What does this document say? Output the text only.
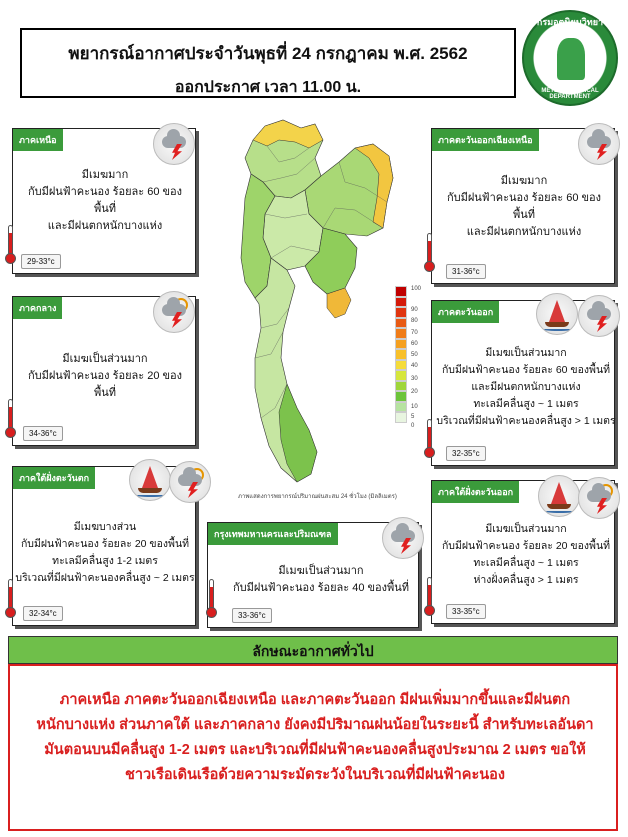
พยากรณ์อากาศประจำวันพุธที่ 24 กรกฎาคม พ.ศ. 2562
ออกประกาศ เวลา 11.00 น.
กรมอุตุนิยมวิทยา
METEOROLOGICAL DEPARTMENT
ภาคเหนือ
มีเมฆมาก
กับมีฝนฟ้าคะนอง ร้อยละ 60 ของพื้นที่
และมีฝนตกหนักบางแห่ง
29-33°c
ภาคตะวันออกเฉียงเหนือ
มีเมฆมาก
กับมีฝนฟ้าคะนอง ร้อยละ 60 ของพื้นที่
และมีฝนตกหนักบางแห่ง
31-36°c
ภาคกลาง
มีเมฆเป็นส่วนมาก
กับมีฝนฟ้าคะนอง ร้อยละ 20 ของพื้นที่
34-36°c
ภาคตะวันออก
มีเมฆเป็นส่วนมาก
กับมีฝนฟ้าคะนอง ร้อยละ 60 ของพื้นที่
และมีฝนตกหนักบางแห่ง
ทะเลมีคลื่นสูง ~ 1 เมตร
บริเวณที่มีฝนฟ้าคะนองคลื่นสูง > 1 เมตร
32-35°c
ภาคใต้ฝั่งตะวันตก
มีเมฆบางส่วน
กับมีฝนฟ้าคะนอง ร้อยละ 20 ของพื้นที่
ทะเลมีคลื่นสูง 1-2 เมตร
บริเวณที่มีฝนฟ้าคะนองคลื่นสูง ~ 2 เมตร
32-34°c
กรุงเทพมหานครและปริมณฑล
มีเมฆเป็นส่วนมาก
กับมีฝนฟ้าคะนอง ร้อยละ 40 ของพื้นที่
33-36°c
ภาคใต้ฝั่งตะวันออก
มีเมฆเป็นส่วนมาก
กับมีฝนฟ้าคะนอง ร้อยละ 20 ของพื้นที่
ทะเลมีคลื่นสูง ~ 1 เมตร
ห่างฝั่งคลื่นสูง > 1 เมตร
33-35°c
100
90
80
70
60
50
40
30
20
10
5
0
ภาพแสดงการพยากรณ์ปริมาณฝนสะสม 24 ชั่วโมง (มิลลิเมตร)
ลักษณะอากาศทั่วไป
ภาคเหนือ ภาคตะวันออกเฉียงเหนือ และภาคตะวันออก มีฝนเพิ่มมากขึ้นและมีฝนตก
หนักบางแห่ง ส่วนภาคใต้ และภาคกลาง ยังคงมีปริมาณฝนน้อยในระยะนี้ สำหรับทะเลอันดา
มันตอนบนมีคลื่นสูง 1-2 เมตร และบริเวณที่มีฝนฟ้าคะนองคลื่นสูงประมาณ 2 เมตร ขอให้
ชาวเรือเดินเรือด้วยความระมัดระวังในบริเวณที่มีฝนฟ้าคะนอง
